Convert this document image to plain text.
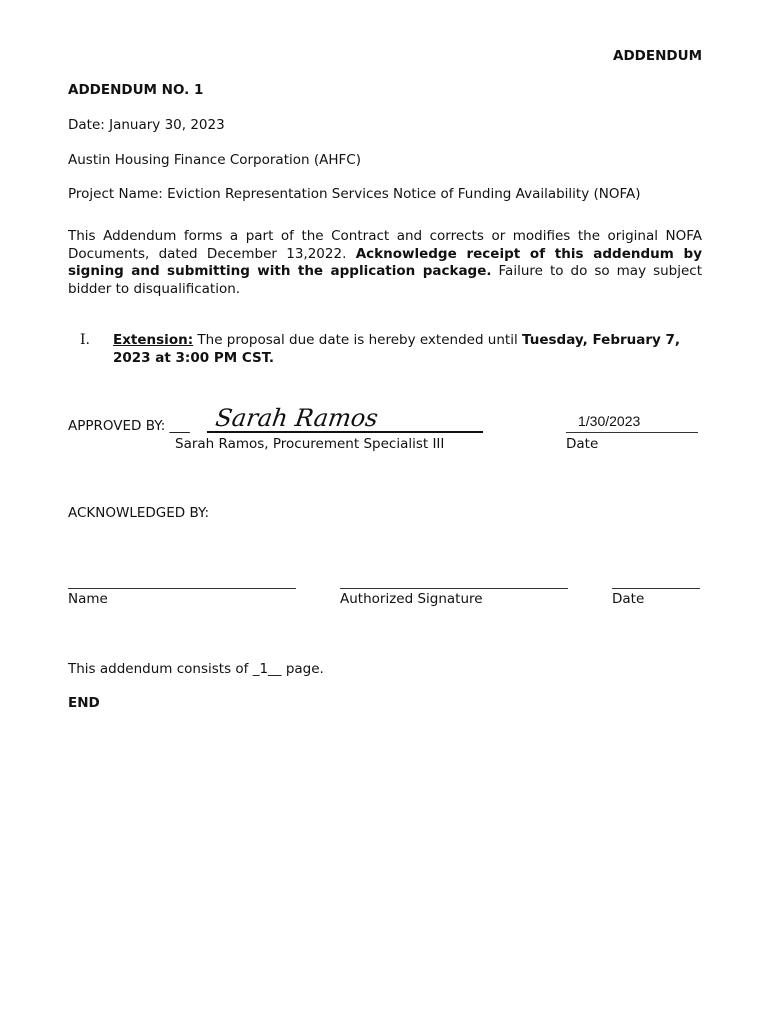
ADDENDUM
ADDENDUM NO. 1
Date: January 30, 2023
Austin Housing Finance Corporation (AHFC)
Project Name: Eviction Representation Services Notice of Funding Availability (NOFA)
This Addendum forms a part of the Contract and corrects or modifies the original NOFA Documents, dated December 13,2022. Acknowledge receipt of this addendum by signing and submitting with the application package. Failure to do so may subject bidder to disqualification.
I. Extension: The proposal due date is hereby extended until Tuesday, February 7, 2023 at 3:00 PM CST.
APPROVED BY: ___ Sarah Ramos
Sarah Ramos, Procurement Specialist III
1/30/2023
Date
ACKNOWLEDGED BY:
Name	Authorized Signature	Date
This addendum consists of _1__ page.
END
